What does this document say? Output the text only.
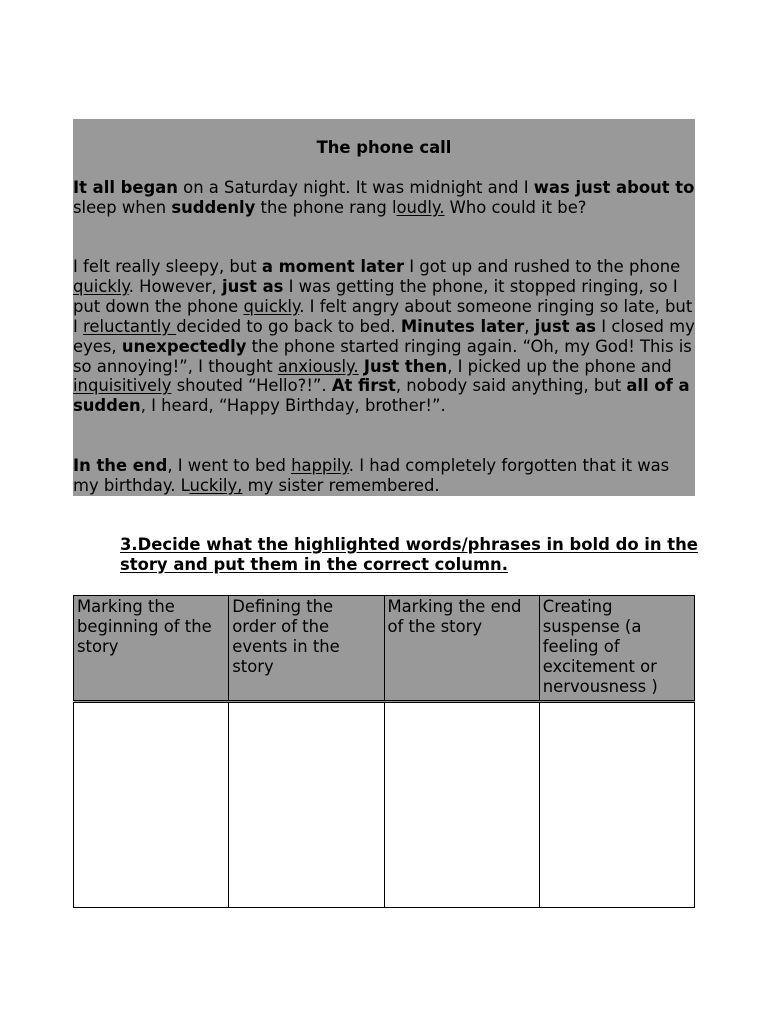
The phone call
It all began on a Saturday night. It was midnight and I was just about to sleep when suddenly the phone rang loudly. Who could it be?
I felt really sleepy, but a moment later I got up and rushed to the phone quickly. However, just as I was getting the phone, it stopped ringing, so I put down the phone quickly. I felt angry about someone ringing so late, but I reluctantly decided to go back to bed. Minutes later, just as I closed my eyes, unexpectedly the phone started ringing again. “Oh, my God! This is so annoying!”, I thought anxiously. Just then, I picked up the phone and inquisitively shouted “Hello?!”. At first, nobody said anything, but all of a sudden, I heard, “Happy Birthday, brother!”.
In the end, I went to bed happily. I had completely forgotten that it was my birthday. Luckily, my sister remembered.
3.Decide what the highlighted words/phrases in bold do in the story and put them in the correct column.
Marking the beginning of the story	Defining the order of the events in the story	Marking the end of the story	Creating suspense (a feeling of excitement or nervousness )
